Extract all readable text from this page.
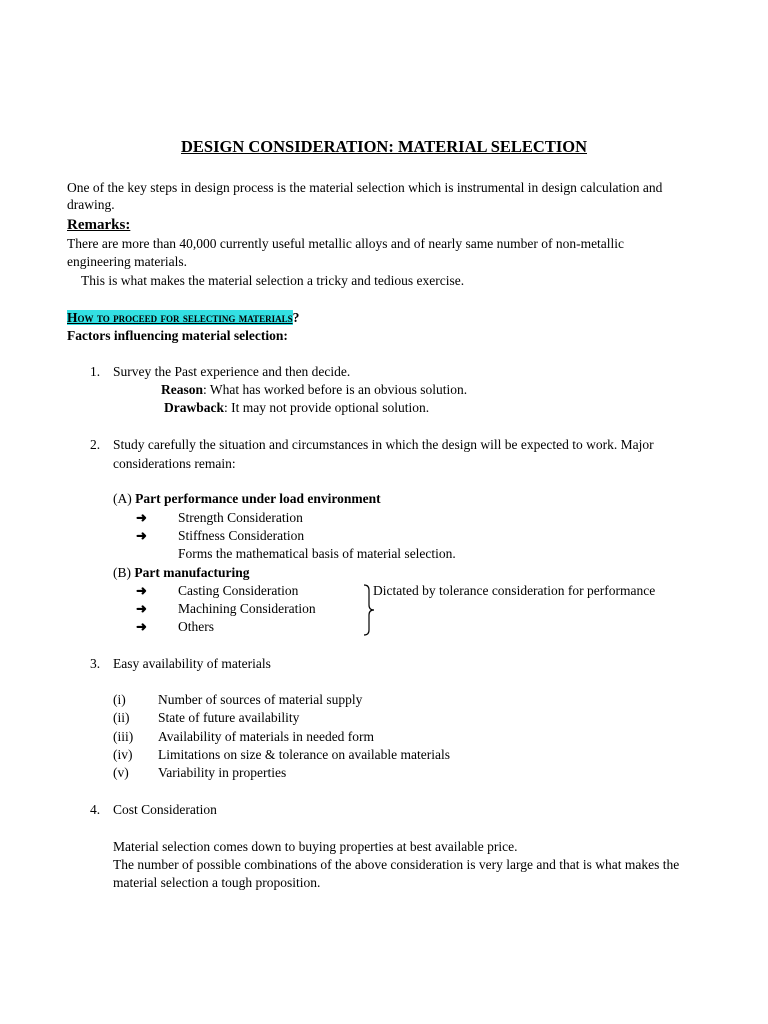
DESIGN CONSIDERATION: MATERIAL SELECTION
One of the key steps in design process is the material selection which is instrumental in design calculation and
drawing.
Remarks:
There are more than 40,000 currently useful metallic alloys and of nearly same number of non-metallic
engineering materials.
This is what makes the material selection a tricky and tedious exercise.
How to proceed for selecting materials?
Factors influencing material selection:
1. Survey the Past experience and then decide.
Reason: What has worked before is an obvious solution.
Drawback: It may not provide optional solution.
2. Study carefully the situation and circumstances in which the design will be expected to work. Major
considerations remain:
(A) Part performance under load environment
➜ Strength Consideration
➜ Stiffness Consideration
Forms the mathematical basis of material selection.
(B) Part manufacturing
➜ Casting Consideration
➜ Machining Consideration
➜ Others
Dictated by tolerance consideration for performance
3. Easy availability of materials
(i) Number of sources of material supply
(ii) State of future availability
(iii) Availability of materials in needed form
(iv) Limitations on size & tolerance on available materials
(v) Variability in properties
4. Cost Consideration
Material selection comes down to buying properties at best available price.
The number of possible combinations of the above consideration is very large and that is what makes the
material selection a tough proposition.
